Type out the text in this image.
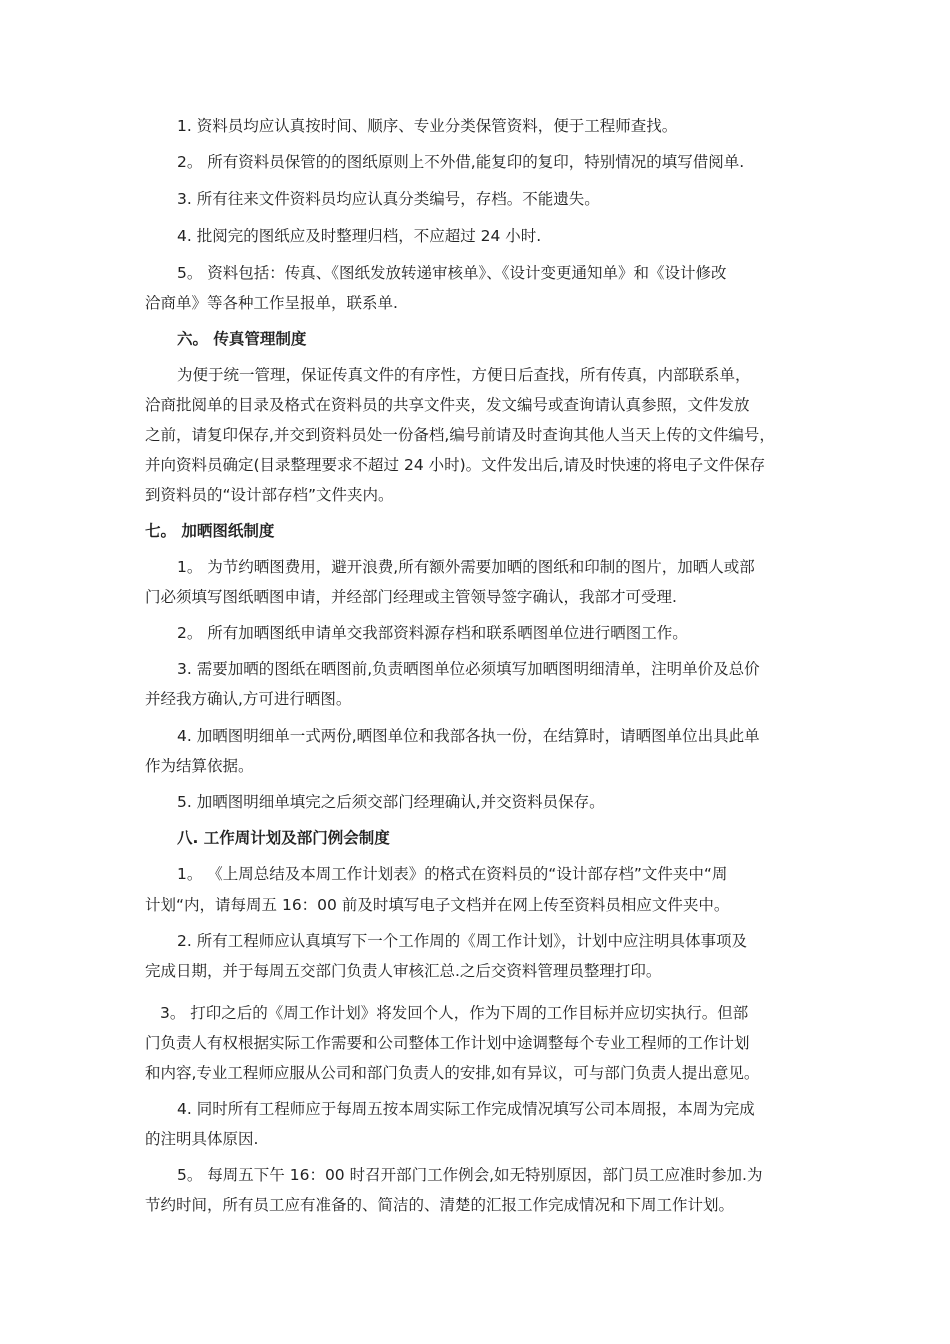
1. 资料员均应认真按时间、顺序、专业分类保管资料，便于工程师查找。

2。 所有资料员保管的的图纸原则上不外借,能复印的复印，特别情况的填写借阅单.

3. 所有往来文件资料员均应认真分类编号，存档。不能遗失。

4. 批阅完的图纸应及时整理归档，不应超过 24 小时.

5。 资料包括：传真、《图纸发放转递审核单》、《设计变更通知单》和《设计修改

洽商单》等各种工作呈报单，联系单.

六。 传真管理制度

为便于统一管理，保证传真文件的有序性，方便日后查找，所有传真，内部联系单，

洽商批阅单的目录及格式在资料员的共享文件夹，发文编号或查询请认真参照，文件发放

之前，请复印保存,并交到资料员处一份备档,编号前请及时查询其他人当天上传的文件编号，

并向资料员确定(目录整理要求不超过 24 小时)。文件发出后,请及时快速的将电子文件保存

到资料员的“设计部存档”文件夹内。

七。 加晒图纸制度

1。 为节约晒图费用，避开浪费,所有额外需要加晒的图纸和印制的图片，加晒人或部

门必须填写图纸晒图申请，并经部门经理或主管领导签字确认，我部才可受理.

2。 所有加晒图纸申请单交我部资料源存档和联系晒图单位进行晒图工作。

3. 需要加晒的图纸在晒图前,负责晒图单位必须填写加晒图明细清单，注明单价及总价

并经我方确认,方可进行晒图。

4. 加晒图明细单一式两份,晒图单位和我部各执一份，在结算时，请晒图单位出具此单

作为结算依据。

5. 加晒图明细单填完之后须交部门经理确认,并交资料员保存。

八. 工作周计划及部门例会制度

1。 《上周总结及本周工作计划表》的格式在资料员的“设计部存档”文件夹中“周

计划“内，请每周五 16：00 前及时填写电子文档并在网上传至资料员相应文件夹中。

2. 所有工程师应认真填写下一个工作周的《周工作计划》，计划中应注明具体事项及

完成日期，并于每周五交部门负责人审核汇总.之后交资料管理员整理打印。

3。 打印之后的《周工作计划》将发回个人，作为下周的工作目标并应切实执行。但部

门负责人有权根据实际工作需要和公司整体工作计划中途调整每个专业工程师的工作计划

和内容,专业工程师应服从公司和部门负责人的安排,如有异议，可与部门负责人提出意见。

4. 同时所有工程师应于每周五按本周实际工作完成情况填写公司本周报，本周为完成

的注明具体原因.

5。 每周五下午 16：00 时召开部门工作例会,如无特别原因，部门员工应准时参加.为

节约时间，所有员工应有准备的、简洁的、清楚的汇报工作完成情况和下周工作计划。
